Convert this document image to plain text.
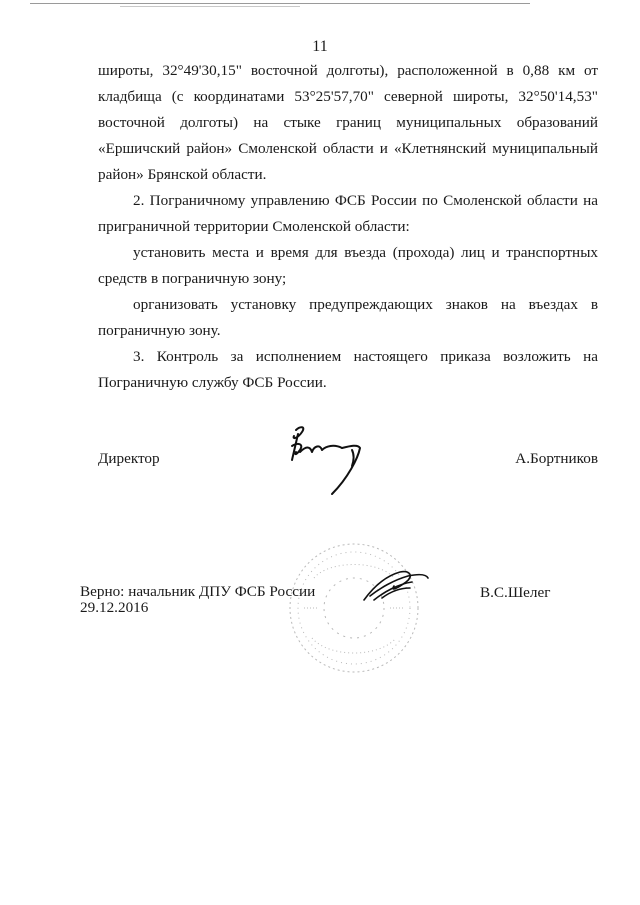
11

широты, 32°49'30,15" восточной долготы), расположенной в 0,88 км от кладбища (с координатами 53°25'57,70" северной широты, 32°50'14,53" восточной долготы) на стыке границ муниципальных образований «Ершичский район» Смоленской области и «Клетнянский муниципальный район» Брянской области.

2. Пограничному управлению ФСБ России по Смоленской области на приграничной территории Смоленской области:

установить места и время для въезда (прохода) лиц и транспортных средств в пограничную зону;

организовать установку предупреждающих знаков на въездах в пограничную зону.

3. Контроль за исполнением настоящего приказа возложить на Пограничную службу ФСБ России.

Директор	А.Бортников
Верно: начальник ДПУ ФСБ России
29.12.2016
В.С.Шелег
